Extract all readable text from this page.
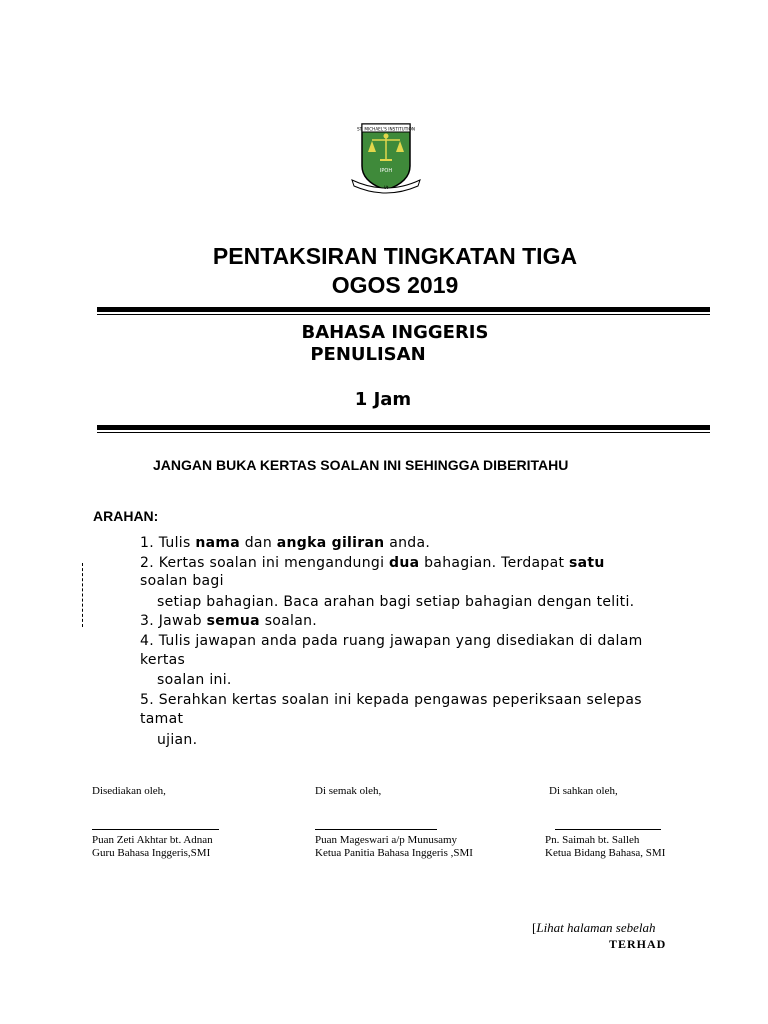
ST. MICHAEL'S INSTITUTION
IPOH
Ut
PENTAKSIRAN TINGKATAN TIGA
OGOS 2019
BAHASA INGGERIS
PENULISAN
1 Jam
JANGAN BUKA KERTAS SOALAN INI SEHINGGA DIBERITAHU
ARAHAN:
1. Tulis nama dan angka giliran anda.
2. Kertas soalan ini mengandungi dua bahagian. Terdapat satu
soalan bagi
setiap bahagian. Baca arahan bagi setiap bahagian dengan teliti.
3. Jawab semua soalan.
4. Tulis jawapan anda pada ruang jawapan yang disediakan di dalam
kertas
soalan ini.
5. Serahkan kertas soalan ini kepada pengawas peperiksaan selepas
tamat
ujian.
Disediakan oleh,
Puan Zeti Akhtar bt. Adnan
Guru Bahasa Inggeris,SMI
Di semak oleh,
Puan Mageswari a/p Munusamy
Ketua Panitia Bahasa Inggeris ,SMI
Di sahkan oleh,
Pn. Saimah bt. Salleh
Ketua Bidang Bahasa, SMI
[Lihat halaman sebelah
TERHAD
